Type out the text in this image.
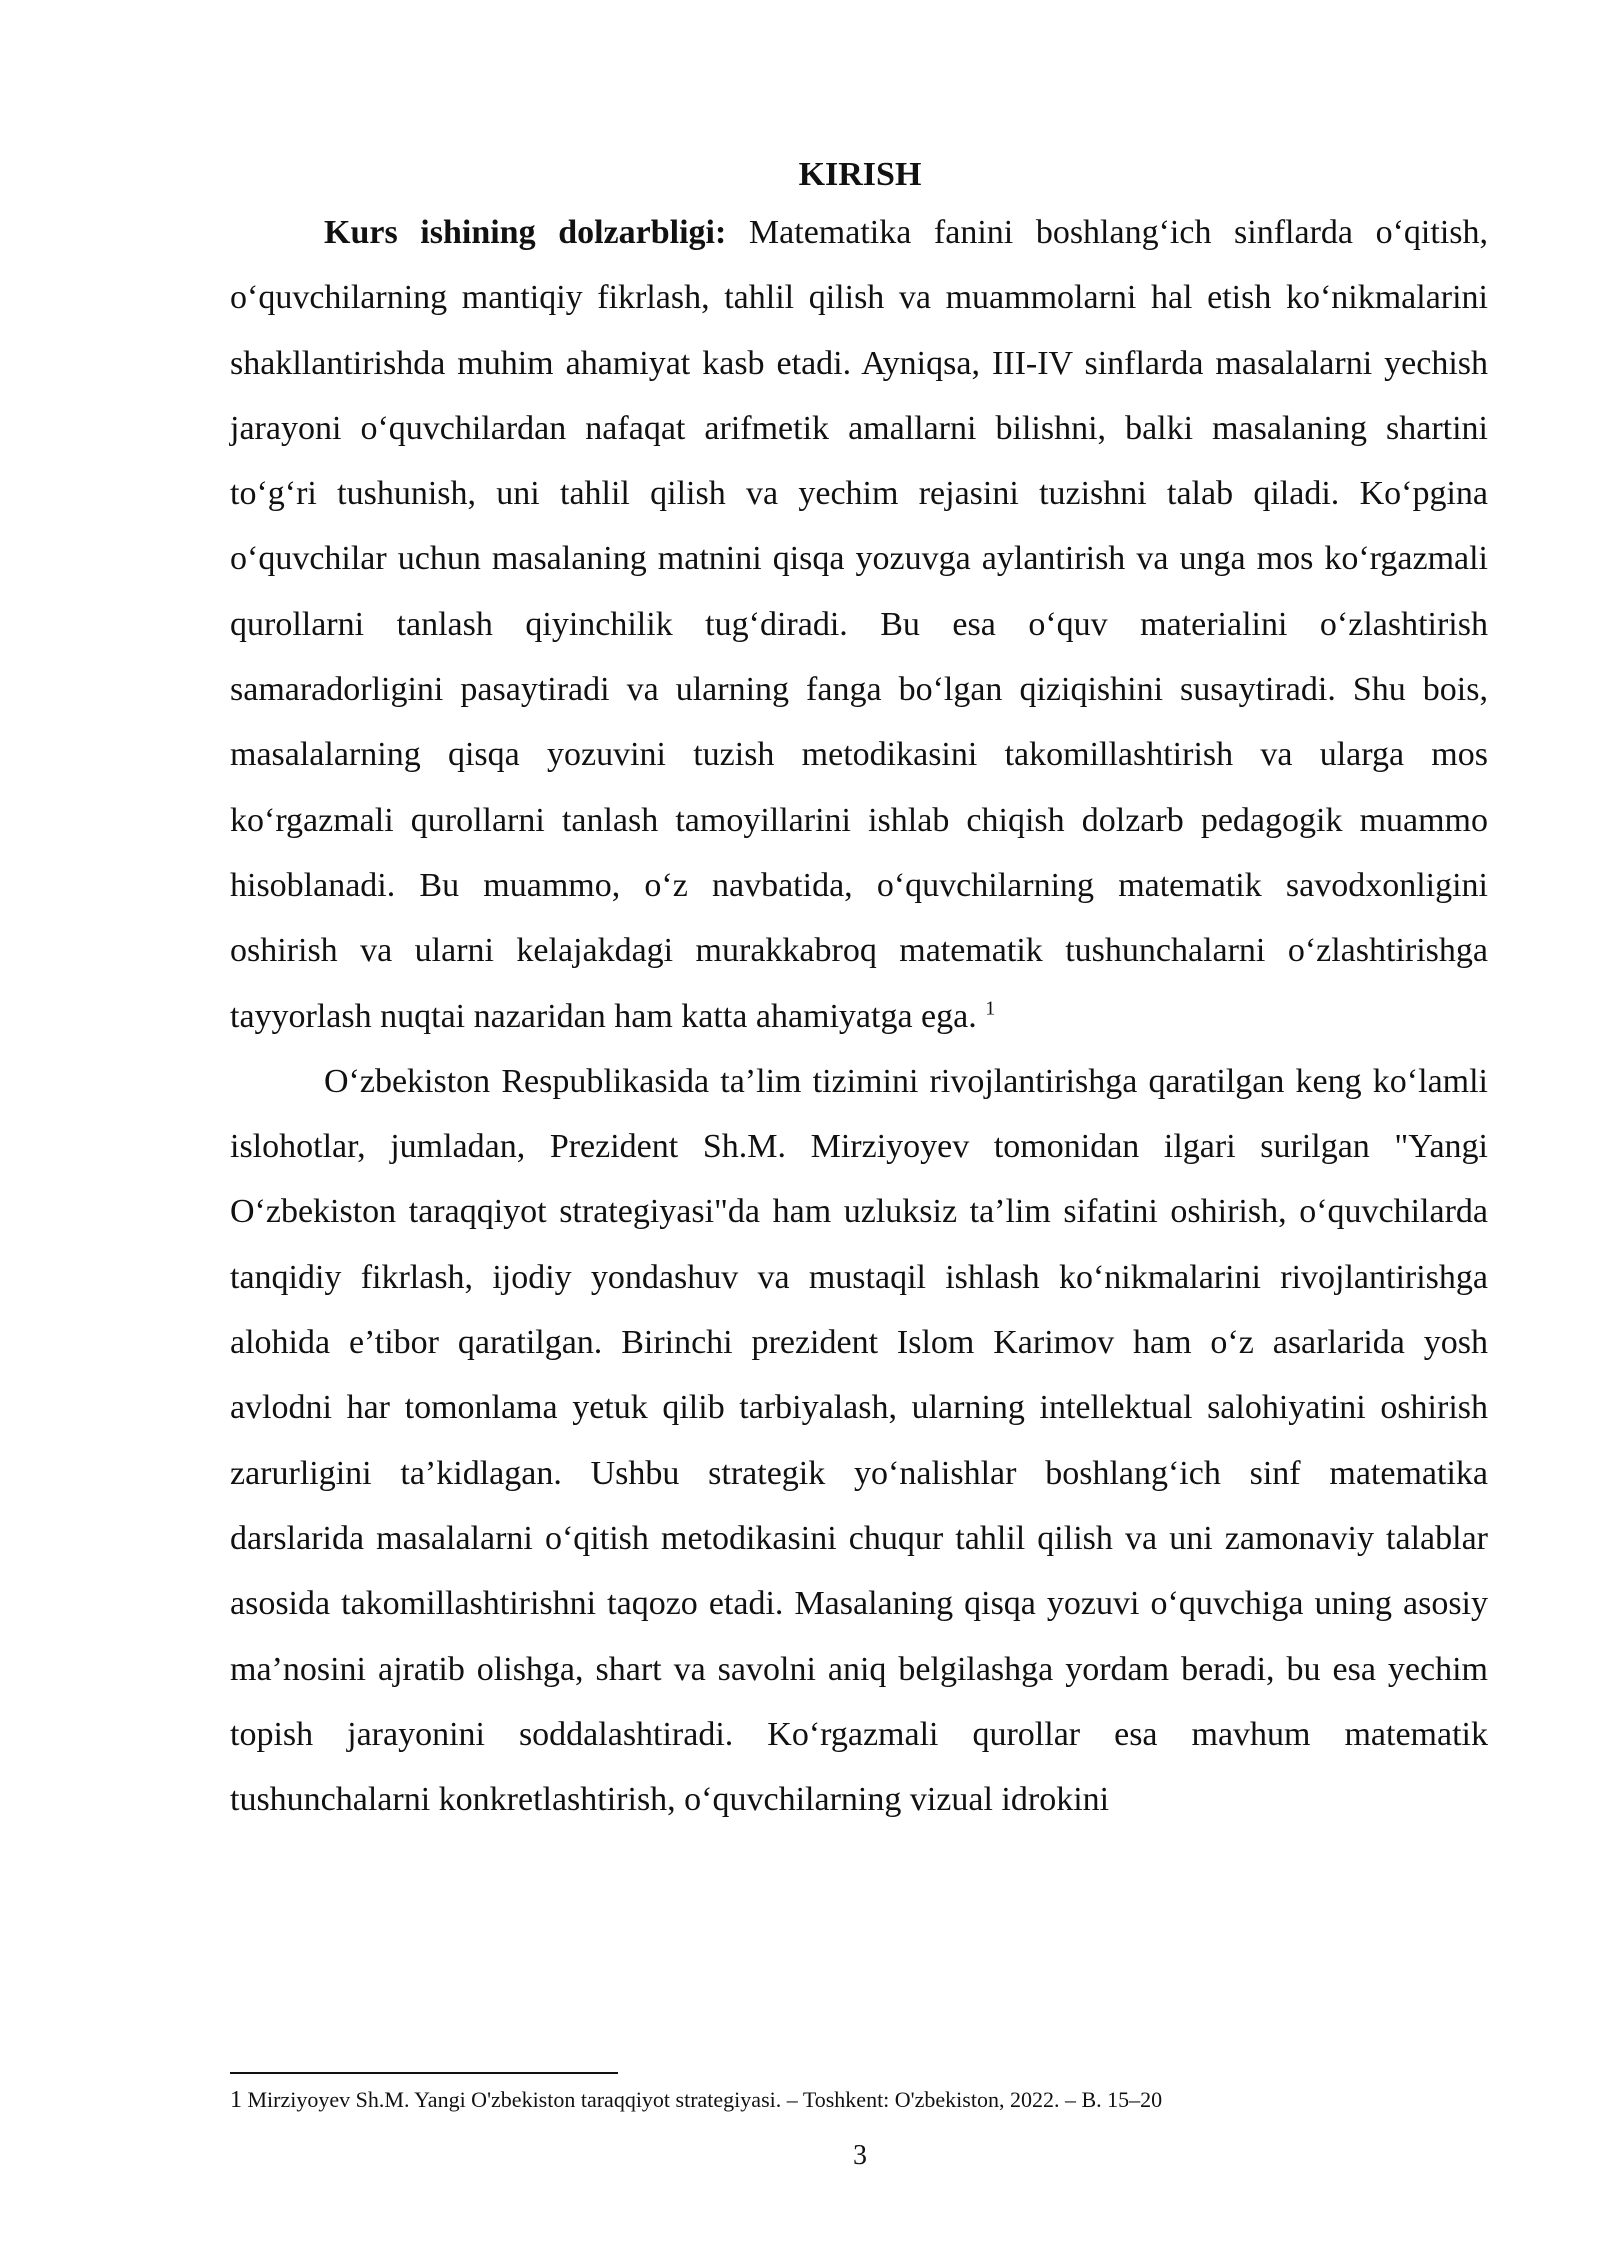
KIRISH

Kurs ishining dolzarbligi: Matematika fanini boshlang‘ich sinflarda o‘qitish, o‘quvchilarning mantiqiy fikrlash, tahlil qilish va muammolarni hal etish ko‘nikmalarini shakllantirishda muhim ahamiyat kasb etadi. Ayniqsa, III-IV sinflarda masalalarni yechish jarayoni o‘quvchilardan nafaqat arifmetik amallarni bilishni, balki masalaning shartini to‘g‘ri tushunish, uni tahlil qilish va yechim rejasini tuzishni talab qiladi. Ko‘pgina o‘quvchilar uchun masalaning matnini qisqa yozuvga aylantirish va unga mos ko‘rgazmali qurollarni tanlash qiyinchilik tug‘diradi. Bu esa o‘quv materialini o‘zlashtirish samaradorligini pasaytiradi va ularning fanga bo‘lgan qiziqishini susaytiradi. Shu bois, masalalarning qisqa yozuvini tuzish metodikasini takomillashtirish va ularga mos ko‘rgazmali qurollarni tanlash tamoyillarini ishlab chiqish dolzarb pedagogik muammo hisoblanadi. Bu muammo, o‘z navbatida, o‘quvchilarning matematik savodxonligini oshirish va ularni kelajakdagi murakkabroq matematik tushunchalarni o‘zlashtirishga tayyorlash nuqtai nazaridan ham katta ahamiyatga ega. $^1$

O‘zbekiston Respublikasida ta’lim tizimini rivojlantirishga qaratilgan keng ko‘lamli islohotlar, jumladan, Prezident Sh.M. Mirziyoyev tomonidan ilgari surilgan "Yangi O‘zbekiston taraqqiyot strategiyasi"da ham uzluksiz ta’lim sifatini oshirish, o‘quvchilarda tanqidiy fikrlash, ijodiy yondashuv va mustaqil ishlash ko‘nikmalarini rivojlantirishga alohida e’tibor qaratilgan. Birinchi prezident Islom Karimov ham o‘z asarlarida yosh avlodni har tomonlama yetuk qilib tarbiyalash, ularning intellektual salohiyatini oshirish zarurligini ta’kidlagan. Ushbu strategik yo‘nalishlar boshlang‘ich sinf matematika darslarida masalalarni o‘qitish metodikasini chuqur tahlil qilish va uni zamonaviy talablar asosida takomillashtirishni taqozo etadi. Masalaning qisqa yozuvi o‘quvchiga uning asosiy ma’nosini ajratib olishga, shart va savolni aniq belgilashga yordam beradi, bu esa yechim topish jarayonini soddalashtiradi. Ko‘rgazmali qurollar esa mavhum matematik tushunchalarni konkretlashtirish, o‘quvchilarning vizual idrokini

1 Mirziyoyev Sh.M. Yangi O'zbekiston taraqqiyot strategiyasi. – Toshkent: O'zbekiston, 2022. – B. 15–20

3
